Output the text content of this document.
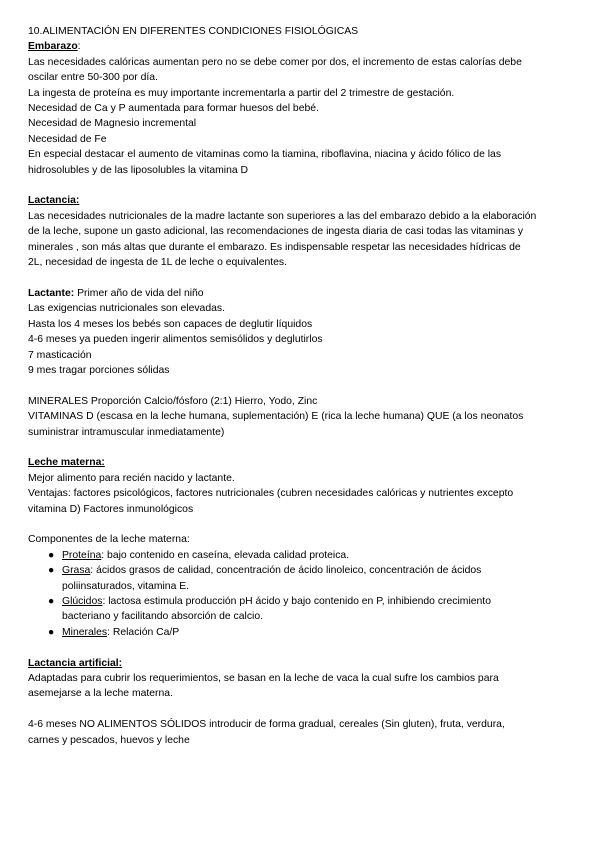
10.ALIMENTACIÓN EN DIFERENTES CONDICIONES FISIOLÓGICAS
Embarazo:
Las necesidades calóricas aumentan pero no se debe comer por dos, el incremento de estas calorías debe
oscilar entre 50-300 por día.
La ingesta de proteína es muy importante incrementarla a partir del 2 trimestre de gestación.
Necesidad de Ca y P aumentada para formar huesos del bebé.
Necesidad de Magnesio incremental
Necesidad de Fe
En especial destacar el aumento de vitaminas como la tiamina, riboflavina, niacina y ácido fólico de las
hidrosolubles y de las liposolubles la vitamina D
Lactancia:
Las necesidades nutricionales de la madre lactante son superiores a las del embarazo debido a la elaboración
de la leche, supone un gasto adicional, las recomendaciones de ingesta diaria de casi todas las vitaminas y
minerales , son más altas que durante el embarazo. Es indispensable respetar las necesidades hídricas de
2L, necesidad de ingesta de 1L de leche o equivalentes.
Lactante: Primer año de vida del niño
Las exigencias nutricionales son elevadas.
Hasta los 4 meses los bebés son capaces de deglutir líquidos
4-6 meses ya pueden ingerir alimentos semisólidos y deglutirlos
7 masticación
9 mes tragar porciones sólidas
MINERALES Proporción Calcio/fósforo (2:1) Hierro, Yodo, Zinc
VITAMINAS D (escasa en la leche humana, suplementación) E (rica la leche humana) QUE (a los neonatos
suministrar intramuscular inmediatamente)
Leche materna:
Mejor alimento para recién nacido y lactante.
Ventajas: factores psicológicos, factores nutricionales (cubren necesidades calóricas y nutrientes excepto
vitamina D) Factores inmunológicos
Componentes de la leche materna:
● Proteína: bajo contenido en caseína, elevada calidad proteica.
● Grasa: ácidos grasos de calidad, concentración de ácido linoleico, concentración de ácidos
poliinsaturados, vitamina E.
● Glúcidos: lactosa estimula producción pH ácido y bajo contenido en P, inhibiendo crecimiento
bacteriano y facilitando absorción de calcio.
● Minerales: Relación Ca/P
Lactancia artificial:
Adaptadas para cubrir los requerimientos, se basan en la leche de vaca la cual sufre los cambios para
asemejarse a la leche materna.
4-6 meses NO ALIMENTOS SÓLIDOS introducir de forma gradual, cereales (Sin gluten), fruta, verdura,
carnes y pescados, huevos y leche
